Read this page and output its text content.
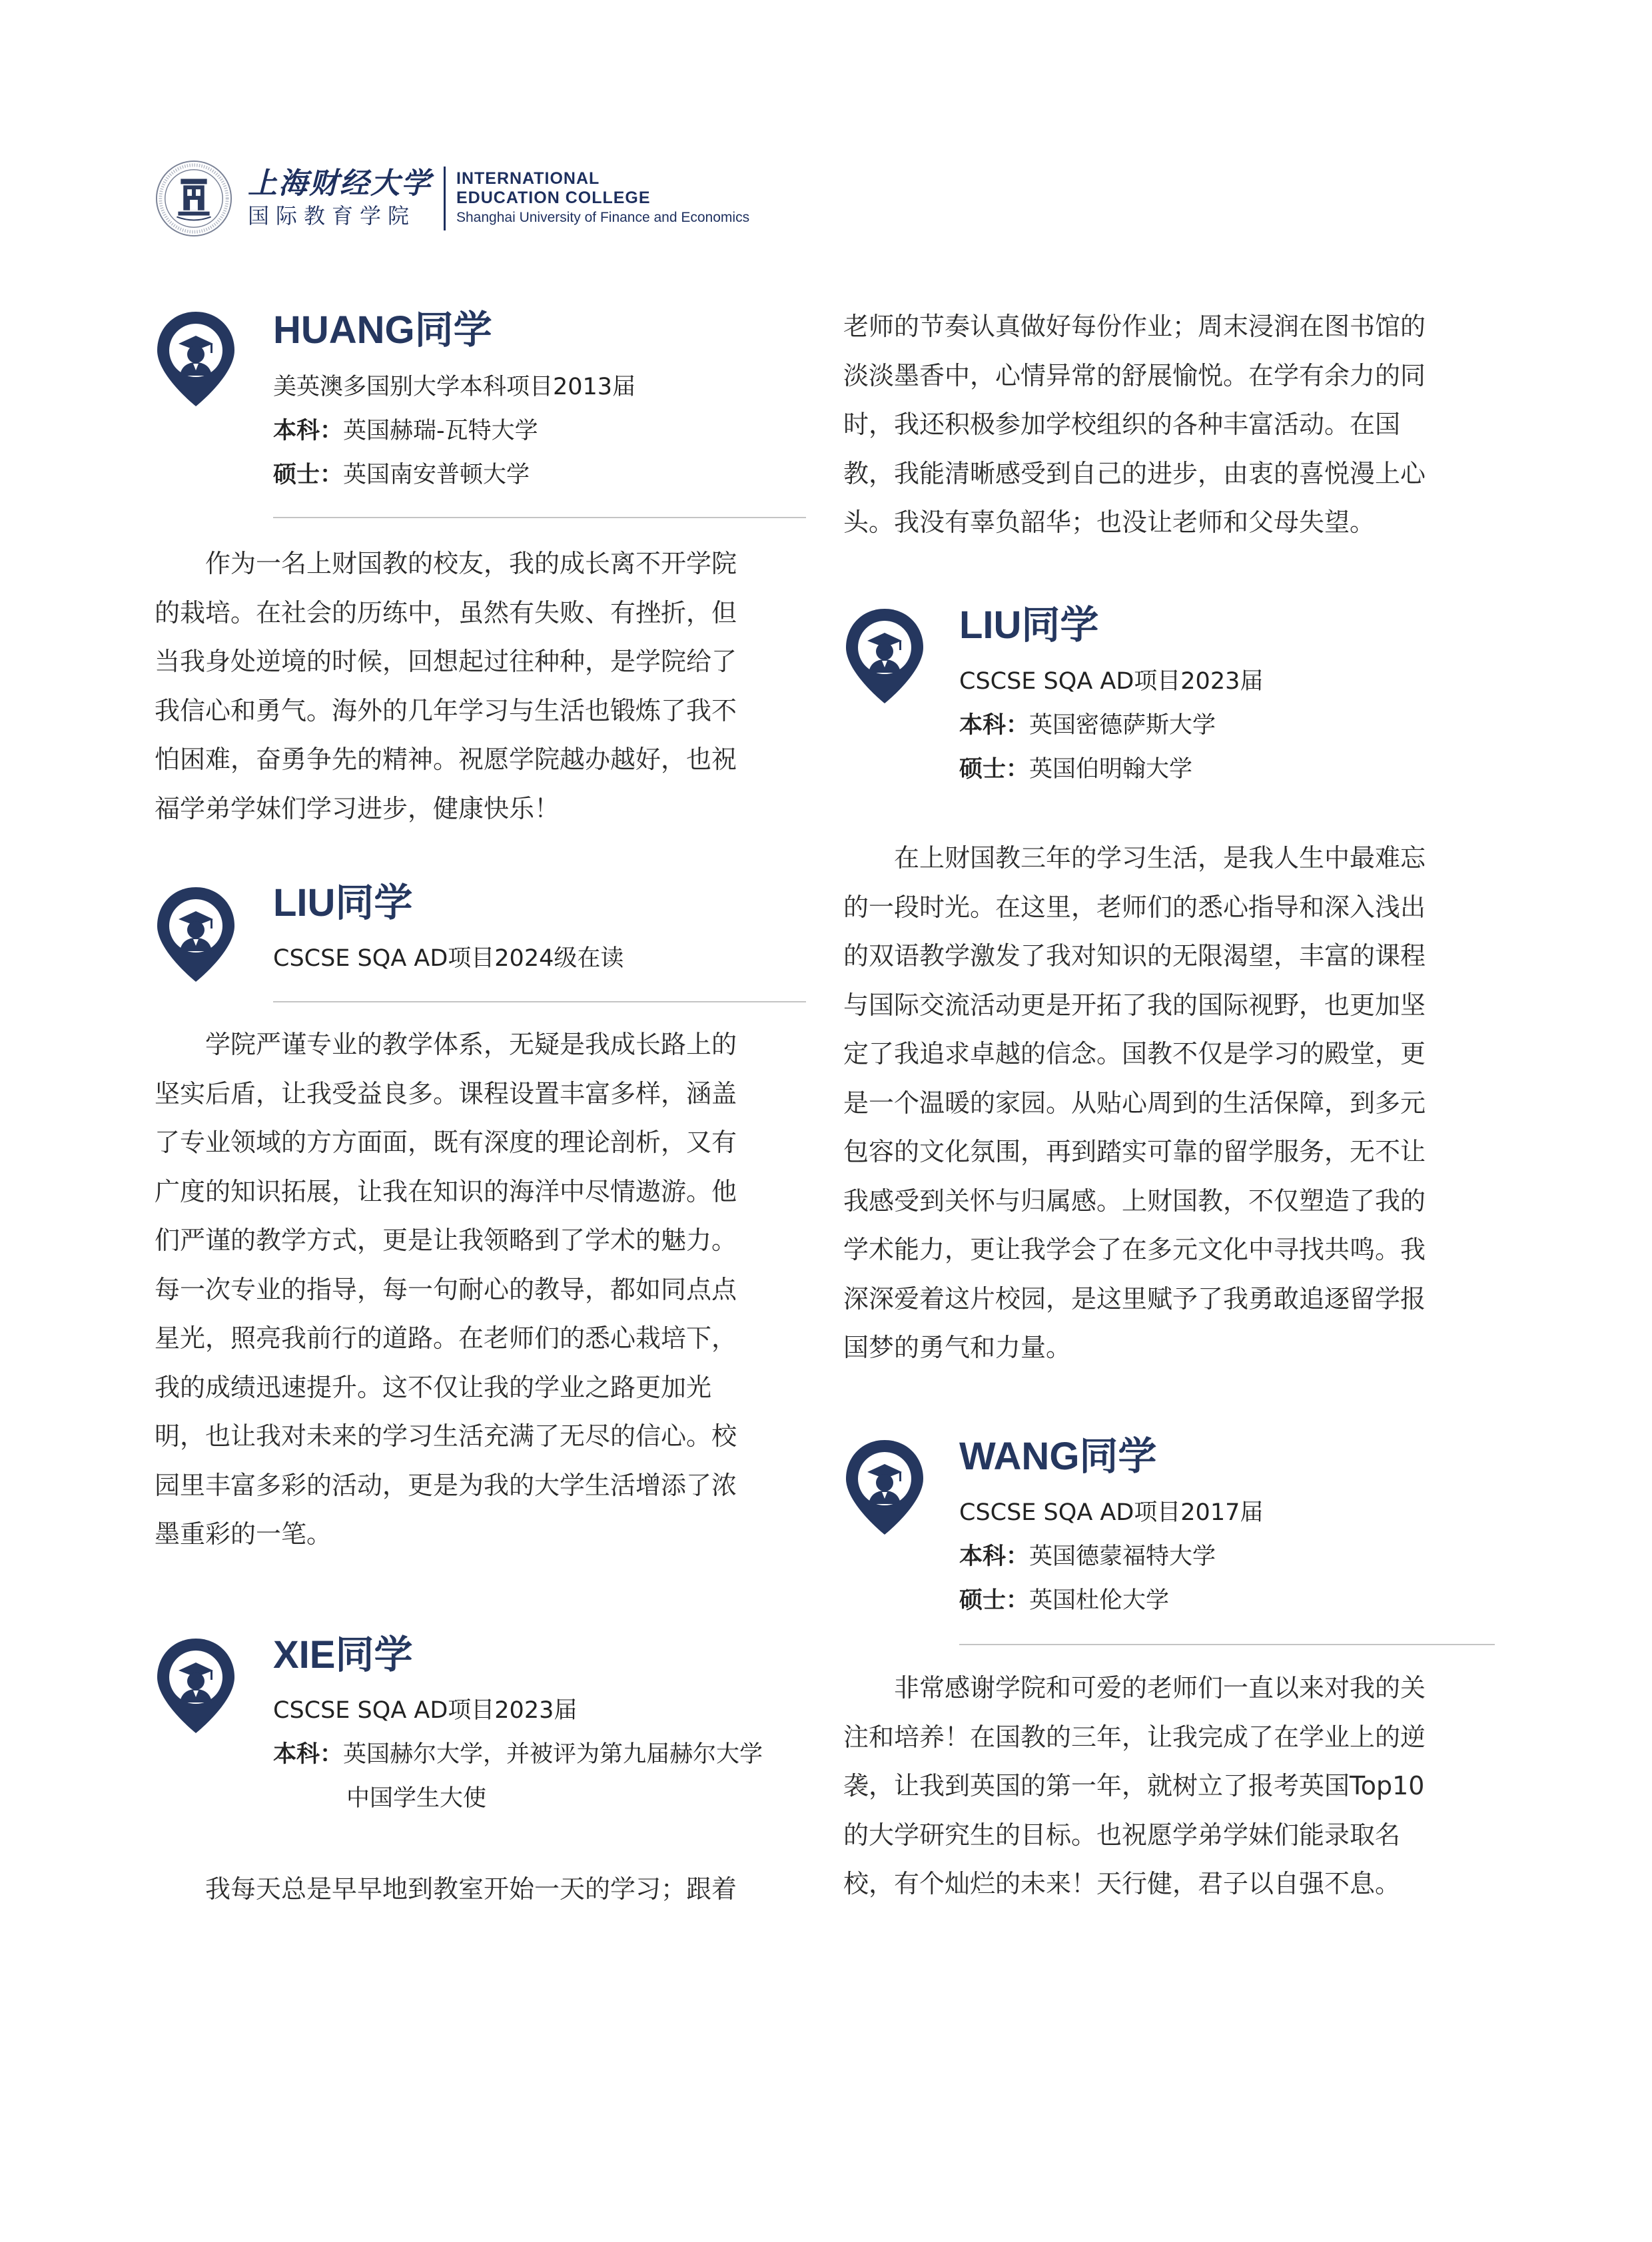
上海财经大学
国际教育学院
INTERNATIONAL
EDUCATION COLLEGE
Shanghai University of Finance and Economics
HUANG同学
美英澳多国别大学本科项目2013届
本科：英国赫瑞-瓦特大学
硕士：英国南安普顿大学
　　作为一名上财国教的校友，我的成长离不开学院
的栽培。在社会的历练中，虽然有失败、有挫折，但
当我身处逆境的时候，回想起过往种种，是学院给了
我信心和勇气。海外的几年学习与生活也锻炼了我不
怕困难，奋勇争先的精神。祝愿学院越办越好，也祝
福学弟学妹们学习进步，健康快乐！
LIU同学
CSCSE SQA AD项目2024级在读
　　学院严谨专业的教学体系，无疑是我成长路上的
坚实后盾，让我受益良多。课程设置丰富多样，涵盖
了专业领域的方方面面，既有深度的理论剖析，又有
广度的知识拓展，让我在知识的海洋中尽情遨游。他
们严谨的教学方式，更是让我领略到了学术的魅力。
每一次专业的指导，每一句耐心的教导，都如同点点
星光，照亮我前行的道路。在老师们的悉心栽培下，
我的成绩迅速提升。这不仅让我的学业之路更加光
明，也让我对未来的学习生活充满了无尽的信心。校
园里丰富多彩的活动，更是为我的大学生活增添了浓
墨重彩的一笔。
XIE同学
CSCSE SQA AD项目2023届
本科：英国赫尔大学，并被评为第九届赫尔大学
中国学生大使
　　我每天总是早早地到教室开始一天的学习；跟着
老师的节奏认真做好每份作业；周末浸润在图书馆的
淡淡墨香中，心情异常的舒展愉悦。在学有余力的同
时，我还积极参加学校组织的各种丰富活动。在国
教，我能清晰感受到自己的进步，由衷的喜悦漫上心
头。我没有辜负韶华；也没让老师和父母失望。
LIU同学
CSCSE SQA AD项目2023届
本科：英国密德萨斯大学
硕士：英国伯明翰大学
　　在上财国教三年的学习生活，是我人生中最难忘
的一段时光。在这里，老师们的悉心指导和深入浅出
的双语教学激发了我对知识的无限渴望，丰富的课程
与国际交流活动更是开拓了我的国际视野，也更加坚
定了我追求卓越的信念。国教不仅是学习的殿堂，更
是一个温暖的家园。从贴心周到的生活保障，到多元
包容的文化氛围，再到踏实可靠的留学服务，无不让
我感受到关怀与归属感。上财国教，不仅塑造了我的
学术能力，更让我学会了在多元文化中寻找共鸣。我
深深爱着这片校园，是这里赋予了我勇敢追逐留学报
国梦的勇气和力量。
WANG同学
CSCSE SQA AD项目2017届
本科：英国德蒙福特大学
硕士：英国杜伦大学
　　非常感谢学院和可爱的老师们一直以来对我的关
注和培养！在国教的三年，让我完成了在学业上的逆
袭，让我到英国的第一年，就树立了报考英国Top10
的大学研究生的目标。也祝愿学弟学妹们能录取名
校，有个灿烂的未来！天行健，君子以自强不息。
